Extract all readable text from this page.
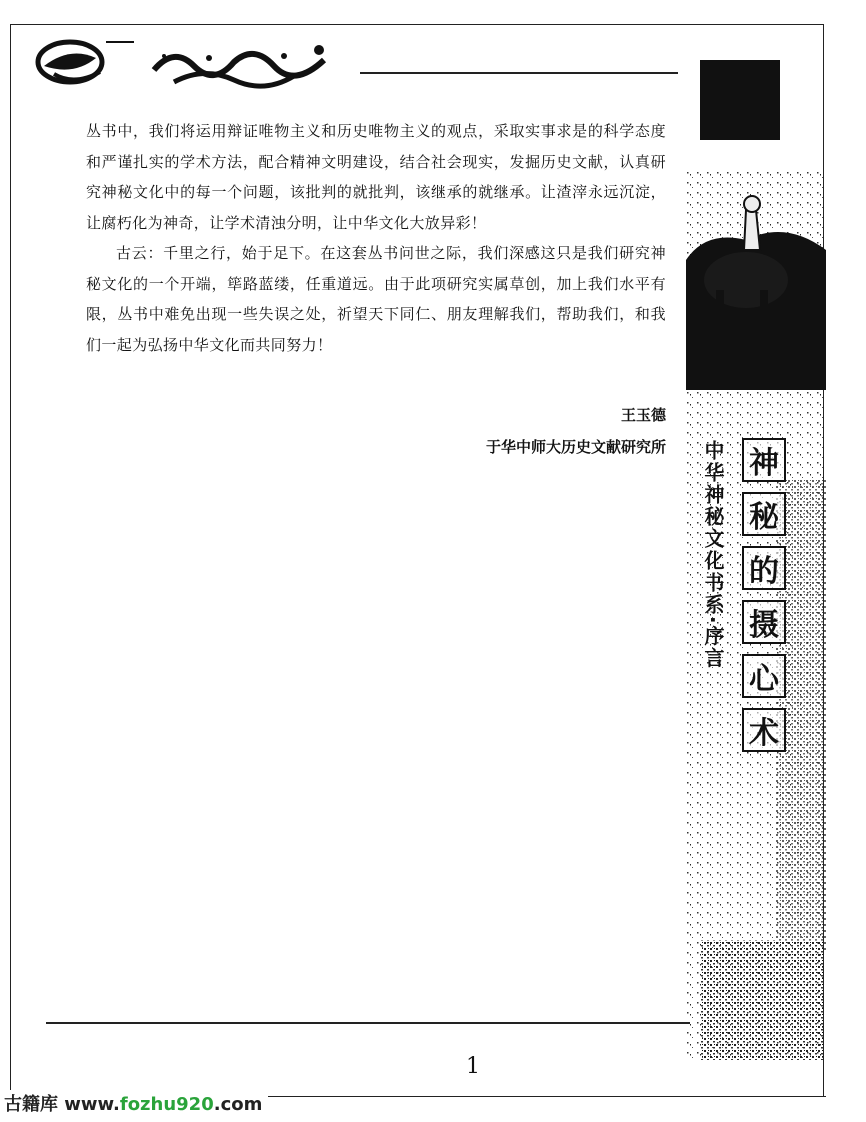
丛书中，我们将运用辩证唯物主义和历史唯物主义的观点，采取实事求是的科学态度和严谨扎实的学术方法，配合精神文明建设，结合社会现实，发掘历史文献，认真研究神秘文化中的每一个问题，该批判的就批判，该继承的就继承。让渣滓永远沉淀，让腐朽化为神奇，让学术清浊分明，让中华文化大放异彩！

古云：千里之行，始于足下。在这套丛书问世之际，我们深感这只是我们研究神秘文化的一个开端，筚路蓝缕，任重道远。由于此项研究实属草创，加上我们水平有限，丛书中难免出现一些失误之处，祈望天下同仁、朋友理解我们，帮助我们，和我们一起为弘扬中华文化而共同努力！

王玉德
于华中师大历史文献研究所 中华神秘文化书系·序言 神
秘
的
摄
心
术
1
古籍库 www.fozhu920.com
